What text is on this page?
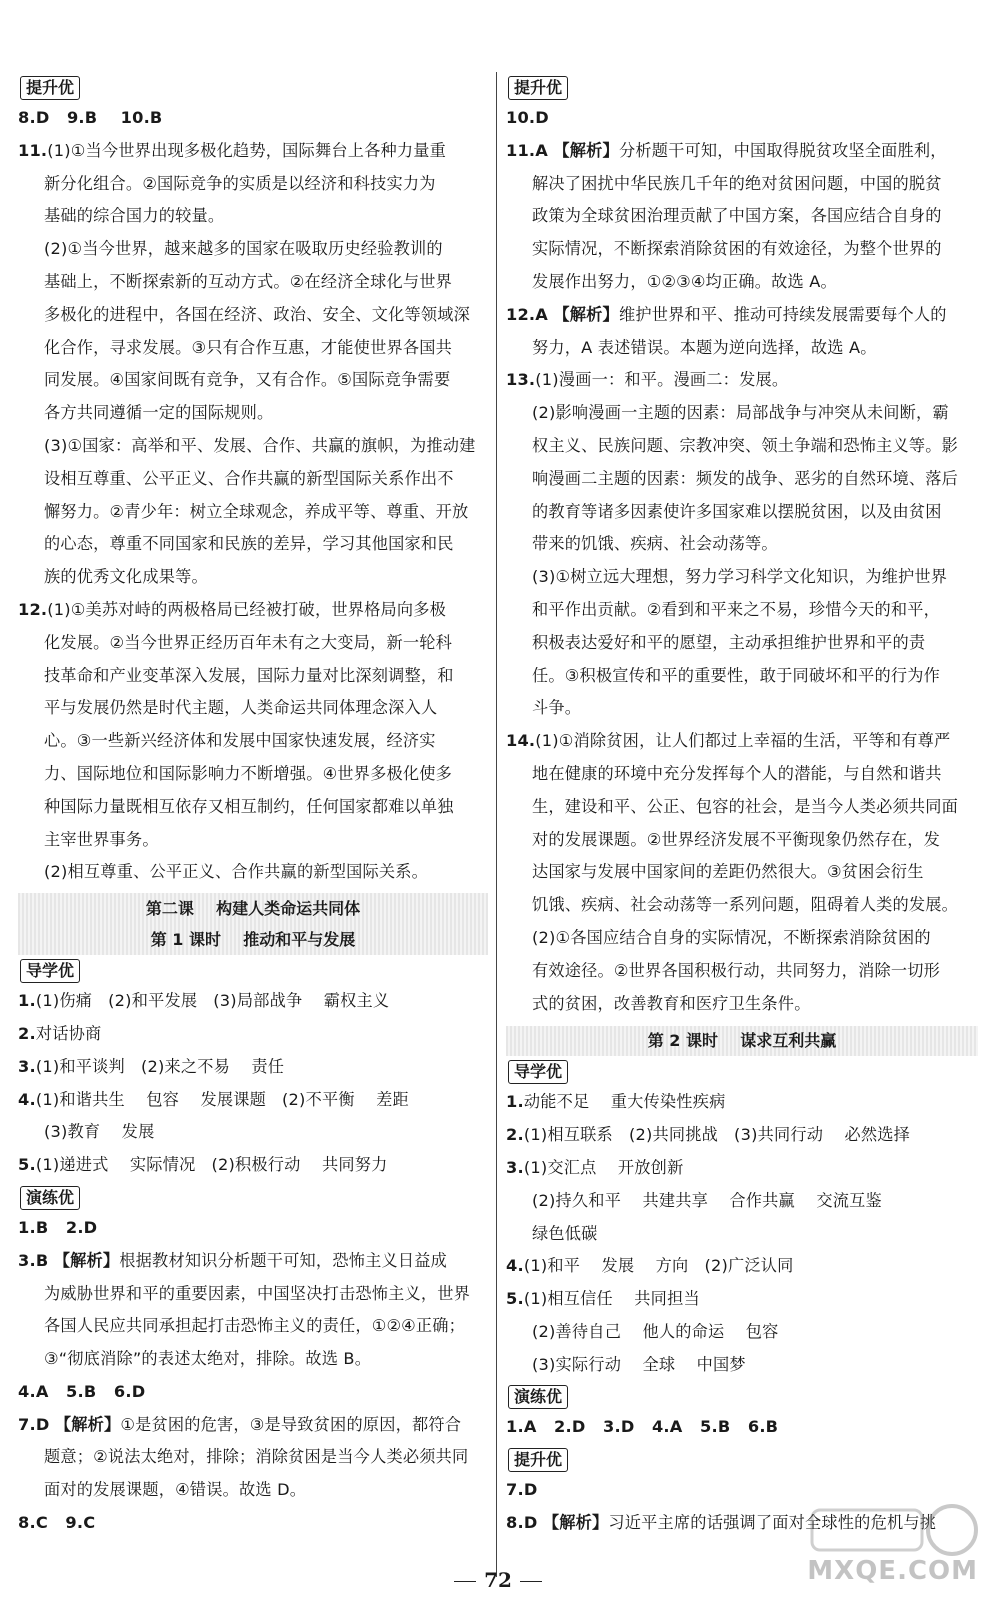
提升优
8.D   9.B    10.B
11.(1)①当今世界出现多极化趋势，国际舞台上各种力量重
新分化组合。②国际竞争的实质是以经济和科技实力为
基础的综合国力的较量。
(2)①当今世界，越来越多的国家在吸取历史经验教训的
基础上，不断探索新的互动方式。②在经济全球化与世界
多极化的进程中，各国在经济、政治、安全、文化等领域深
化合作，寻求发展。③只有合作互惠，才能使世界各国共
同发展。④国家间既有竞争，又有合作。⑤国际竞争需要
各方共同遵循一定的国际规则。
(3)①国家：高举和平、发展、合作、共赢的旗帜，为推动建
设相互尊重、公平正义、合作共赢的新型国际关系作出不
懈努力。②青少年：树立全球观念，养成平等、尊重、开放
的心态，尊重不同国家和民族的差异，学习其他国家和民
族的优秀文化成果等。
12.(1)①美苏对峙的两极格局已经被打破，世界格局向多极
化发展。②当今世界正经历百年未有之大变局，新一轮科
技革命和产业变革深入发展，国际力量对比深刻调整，和
平与发展仍然是时代主题，人类命运共同体理念深入人
心。③一些新兴经济体和发展中国家快速发展，经济实
力、国际地位和国际影响力不断增强。④世界多极化使多
种国际力量既相互依存又相互制约，任何国家都难以单独
主宰世界事务。
(2)相互尊重、公平正义、合作共赢的新型国际关系。
第二课    构建人类命运共同体
第 1 课时    推动和平与发展
导学优
1.(1)伤痛   (2)和平发展   (3)局部战争    霸权主义
2.对话协商
3.(1)和平谈判   (2)来之不易    责任
4.(1)和谐共生    包容    发展课题   (2)不平衡    差距
(3)教育    发展
5.(1)递进式    实际情况   (2)积极行动    共同努力
演练优
1.B   2.D
3.B 【解析】根据教材知识分析题干可知，恐怖主义日益成
为威胁世界和平的重要因素，中国坚决打击恐怖主义，世界
各国人民应共同承担起打击恐怖主义的责任，①②④正确；
③“彻底消除”的表述太绝对，排除。故选 B。
4.A   5.B   6.D
7.D 【解析】①是贫困的危害，③是导致贫困的原因，都符合
题意；②说法太绝对，排除；消除贫困是当今人类必须共同
面对的发展课题，④错误。故选 D。
8.C   9.C
提升优
10.D
11.A 【解析】分析题干可知，中国取得脱贫攻坚全面胜利，
解决了困扰中华民族几千年的绝对贫困问题，中国的脱贫
政策为全球贫困治理贡献了中国方案，各国应结合自身的
实际情况，不断探索消除贫困的有效途径，为整个世界的
发展作出努力，①②③④均正确。故选 A。
12.A 【解析】维护世界和平、推动可持续发展需要每个人的
努力，A 表述错误。本题为逆向选择，故选 A。
13.(1)漫画一：和平。漫画二：发展。
(2)影响漫画一主题的因素：局部战争与冲突从未间断，霸
权主义、民族问题、宗教冲突、领土争端和恐怖主义等。影
响漫画二主题的因素：频发的战争、恶劣的自然环境、落后
的教育等诸多因素使许多国家难以摆脱贫困，以及由贫困
带来的饥饿、疾病、社会动荡等。
(3)①树立远大理想，努力学习科学文化知识，为维护世界
和平作出贡献。②看到和平来之不易，珍惜今天的和平，
积极表达爱好和平的愿望，主动承担维护世界和平的责
任。③积极宣传和平的重要性，敢于同破坏和平的行为作
斗争。
14.(1)①消除贫困，让人们都过上幸福的生活，平等和有尊严
地在健康的环境中充分发挥每个人的潜能，与自然和谐共
生，建设和平、公正、包容的社会，是当今人类必须共同面
对的发展课题。②世界经济发展不平衡现象仍然存在，发
达国家与发展中国家间的差距仍然很大。③贫困会衍生
饥饿、疾病、社会动荡等一系列问题，阻碍着人类的发展。
(2)①各国应结合自身的实际情况，不断探索消除贫困的
有效途径。②世界各国积极行动，共同努力，消除一切形
式的贫困，改善教育和医疗卫生条件。
第 2 课时    谋求互利共赢
导学优
1.动能不足    重大传染性疾病
2.(1)相互联系   (2)共同挑战   (3)共同行动    必然选择
3.(1)交汇点    开放创新
(2)持久和平    共建共享    合作共赢    交流互鉴
绿色低碳
4.(1)和平    发展    方向   (2)广泛认同
5.(1)相互信任    共同担当
(2)善待自己    他人的命运    包容
(3)实际行动    全球    中国梦
演练优
1.A   2.D   3.D   4.A   5.B   6.B
提升优
7.D
8.D 【解析】习近平主席的话强调了面对全球性的危机与挑
MXQE.COM
72
